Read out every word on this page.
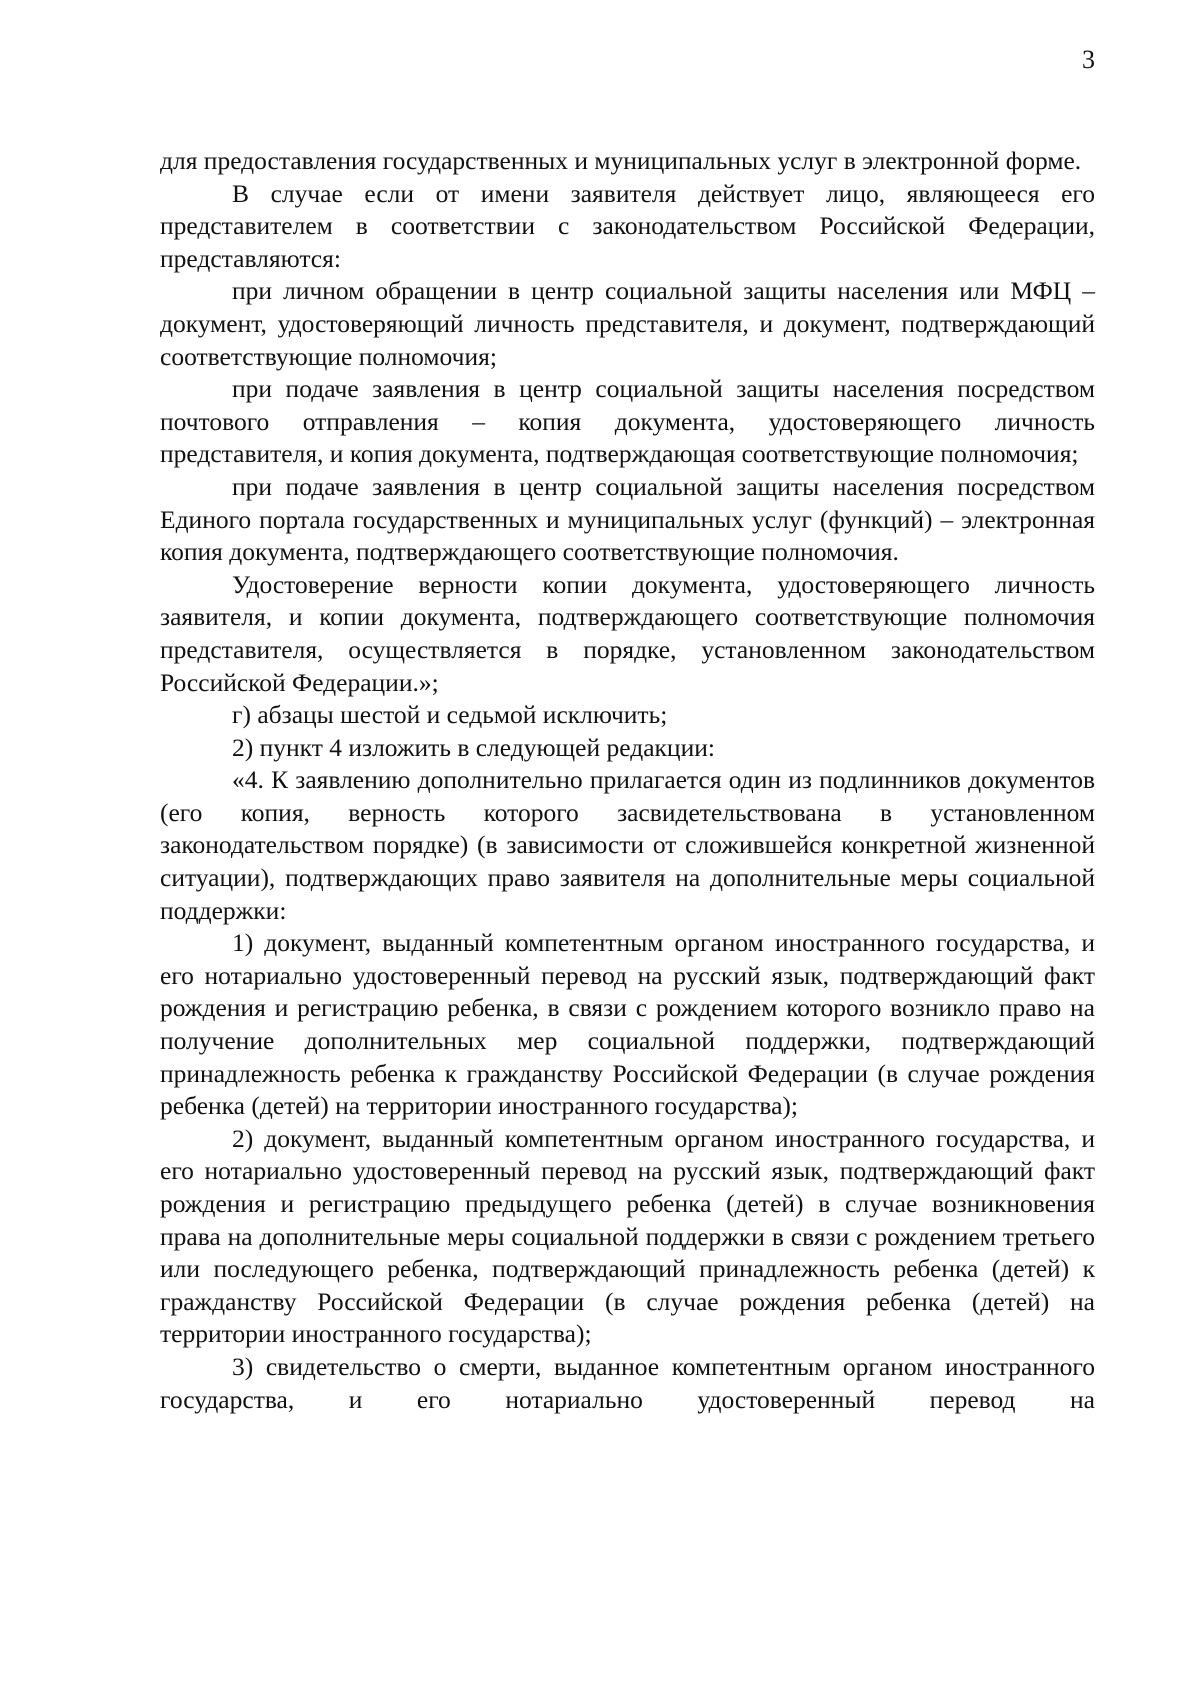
3

для предоставления государственных и муниципальных услуг в электронной форме.

В случае если от имени заявителя действует лицо, являющееся его представителем в соответствии с законодательством Российской Федерации, представляются:

при личном обращении в центр социальной защиты населения или МФЦ – документ, удостоверяющий личность представителя, и документ, подтверждающий соответствующие полномочия;

при подаче заявления в центр социальной защиты населения посредством почтового отправления – копия документа, удостоверяющего личность представителя, и копия документа, подтверждающая соответствующие полномочия;

при подаче заявления в центр социальной защиты населения посредством Единого портала государственных и муниципальных услуг (функций) – электронная копия документа, подтверждающего соответствующие полномочия.

Удостоверение верности копии документа, удостоверяющего личность заявителя, и копии документа, подтверждающего соответствующие полномочия представителя, осуществляется в порядке, установленном законодательством Российской Федерации.»;

г) абзацы шестой и седьмой исключить;

2) пункт 4 изложить в следующей редакции:

«4. К заявлению дополнительно прилагается один из подлинников документов (его копия, верность которого засвидетельствована в установленном законодательством порядке) (в зависимости от сложившейся конкретной жизненной ситуации), подтверждающих право заявителя на дополнительные меры социальной поддержки:

1) документ, выданный компетентным органом иностранного государства, и его нотариально удостоверенный перевод на русский язык, подтверждающий факт рождения и регистрацию ребенка, в связи с рождением которого возникло право на получение дополнительных мер социальной поддержки, подтверждающий принадлежность ребенка к гражданству Российской Федерации (в случае рождения ребенка (детей) на территории иностранного государства);

2) документ, выданный компетентным органом иностранного государства, и его нотариально удостоверенный перевод на русский язык, подтверждающий факт рождения и регистрацию предыдущего ребенка (детей) в случае возникновения права на дополнительные меры социальной поддержки в связи с рождением третьего или последующего ребенка, подтверждающий принадлежность ребенка (детей) к гражданству Российской Федерации (в случае рождения ребенка (детей) на территории иностранного государства);

3) свидетельство о смерти, выданное компетентным органом иностранного государства, и его нотариально удостоверенный перевод на
